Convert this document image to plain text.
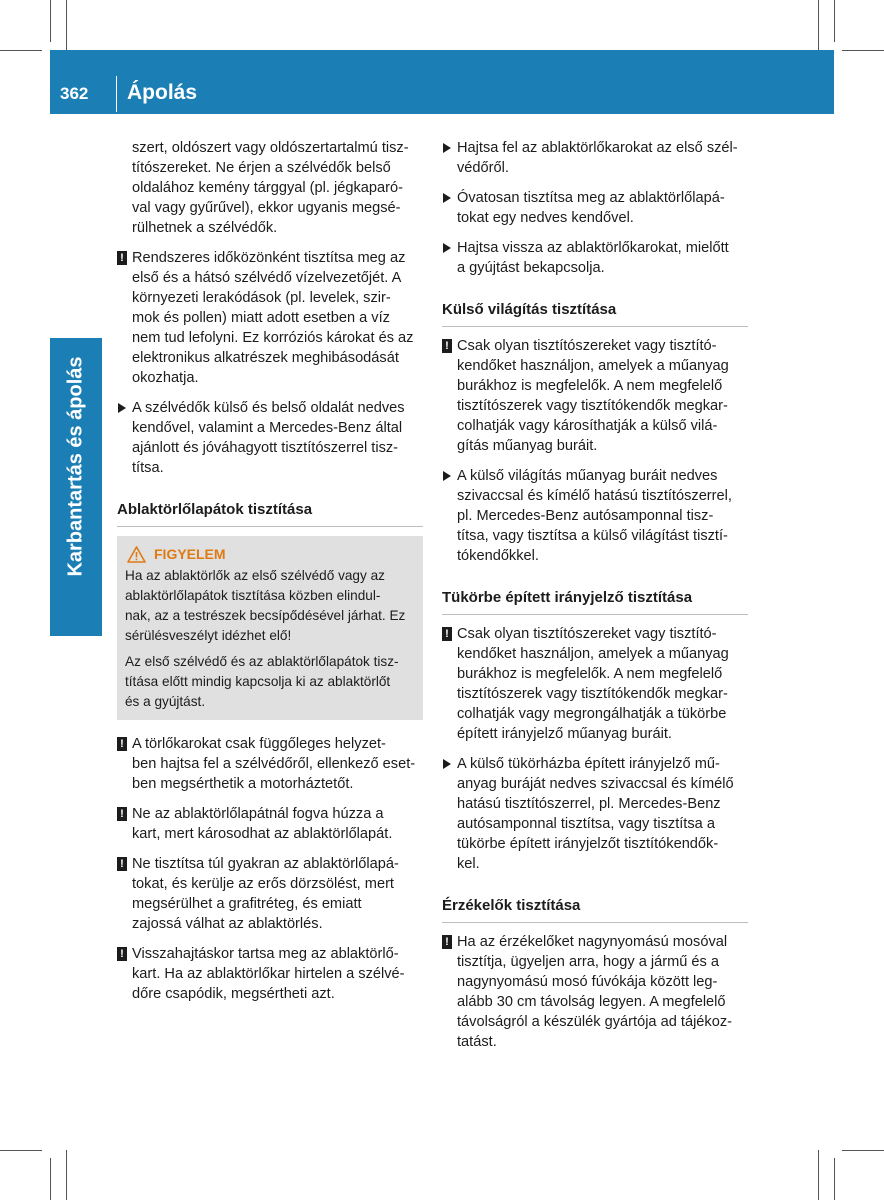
362 Ápolás
Karbantartás és ápolás
szert, oldószert vagy oldószertartalmú tisz-
títószereket. Ne érjen a szélvédők belső
oldalához kemény tárggyal (pl. jégkaparó-
val vagy gyűrűvel), ekkor ugyanis megsé-
rülhetnek a szélvédők.
! Rendszeres időközönként tisztítsa meg az
első és a hátsó szélvédő vízelvezetőjét. A
környezeti lerakódások (pl. levelek, szir-
mok és pollen) miatt adott esetben a víz
nem tud lefolyni. Ez korróziós károkat és az
elektronikus alkatrészek meghibásodását
okozhatja.
A szélvédők külső és belső oldalát nedves
kendővel, valamint a Mercedes-Benz által
ajánlott és jóváhagyott tisztítószerrel tisz-
títsa.
Ablaktörlőlapátok tisztítása
FIGYELEM

Ha az ablaktörlők az első szélvédő vagy az
ablaktörlőlapátok tisztítása közben elindul-
nak, az a testrészek becsípődésével járhat. Ez
sérülésveszélyt idézhet elő!

Az első szélvédő és az ablaktörlőlapátok tisz-
títása előtt mindig kapcsolja ki az ablaktörlőt
és a gyújtást.

! A törlőkarokat csak függőleges helyzet-
ben hajtsa fel a szélvédőről, ellenkező eset-
ben megsérthetik a motorháztetőt.
! Ne az ablaktörlőlapátnál fogva húzza a
kart, mert károsodhat az ablaktörlőlapát.
! Ne tisztítsa túl gyakran az ablaktörlőlapá-
tokat, és kerülje az erős dörzsölést, mert
megsérülhet a grafitréteg, és emiatt
zajossá válhat az ablaktörlés.
! Visszahajtáskor tartsa meg az ablaktörlő-
kart. Ha az ablaktörlőkar hirtelen a szélvé-
dőre csapódik, megsértheti azt.
Hajtsa fel az ablaktörlőkarokat az első szél-
védőről.
Óvatosan tisztítsa meg az ablaktörlőlapá-
tokat egy nedves kendővel.
Hajtsa vissza az ablaktörlőkarokat, mielőtt
a gyújtást bekapcsolja.
Külső világítás tisztítása
! Csak olyan tisztítószereket vagy tisztító-
kendőket használjon, amelyek a műanyag
burákhoz is megfelelők. A nem megfelelő
tisztítószerek vagy tisztítókendők megkar-
colhatják vagy károsíthatják a külső vilá-
gítás műanyag buráit.
A külső világítás műanyag buráit nedves
szivaccsal és kímélő hatású tisztítószerrel,
pl. Mercedes-Benz autósamponnal tisz-
títsa, vagy tisztítsa a külső világítást tisztí-
tókendőkkel.
Tükörbe épített irányjelző tisztítása
! Csak olyan tisztítószereket vagy tisztító-
kendőket használjon, amelyek a műanyag
burákhoz is megfelelők. A nem megfelelő
tisztítószerek vagy tisztítókendők megkar-
colhatják vagy megrongálhatják a tükörbe
épített irányjelző műanyag buráit.
A külső tükörházba épített irányjelző mű-
anyag buráját nedves szivaccsal és kímélő
hatású tisztítószerrel, pl. Mercedes-Benz
autósamponnal tisztítsa, vagy tisztítsa a
tükörbe épített irányjelzőt tisztítókendők-
kel.
Érzékelők tisztítása
! Ha az érzékelőket nagynyomású mosóval
tisztítja, ügyeljen arra, hogy a jármű és a
nagynyomású mosó fúvókája között leg-
alább 30 cm távolság legyen. A megfelelő
távolságról a készülék gyártója ad tájékoz-
tatást.
